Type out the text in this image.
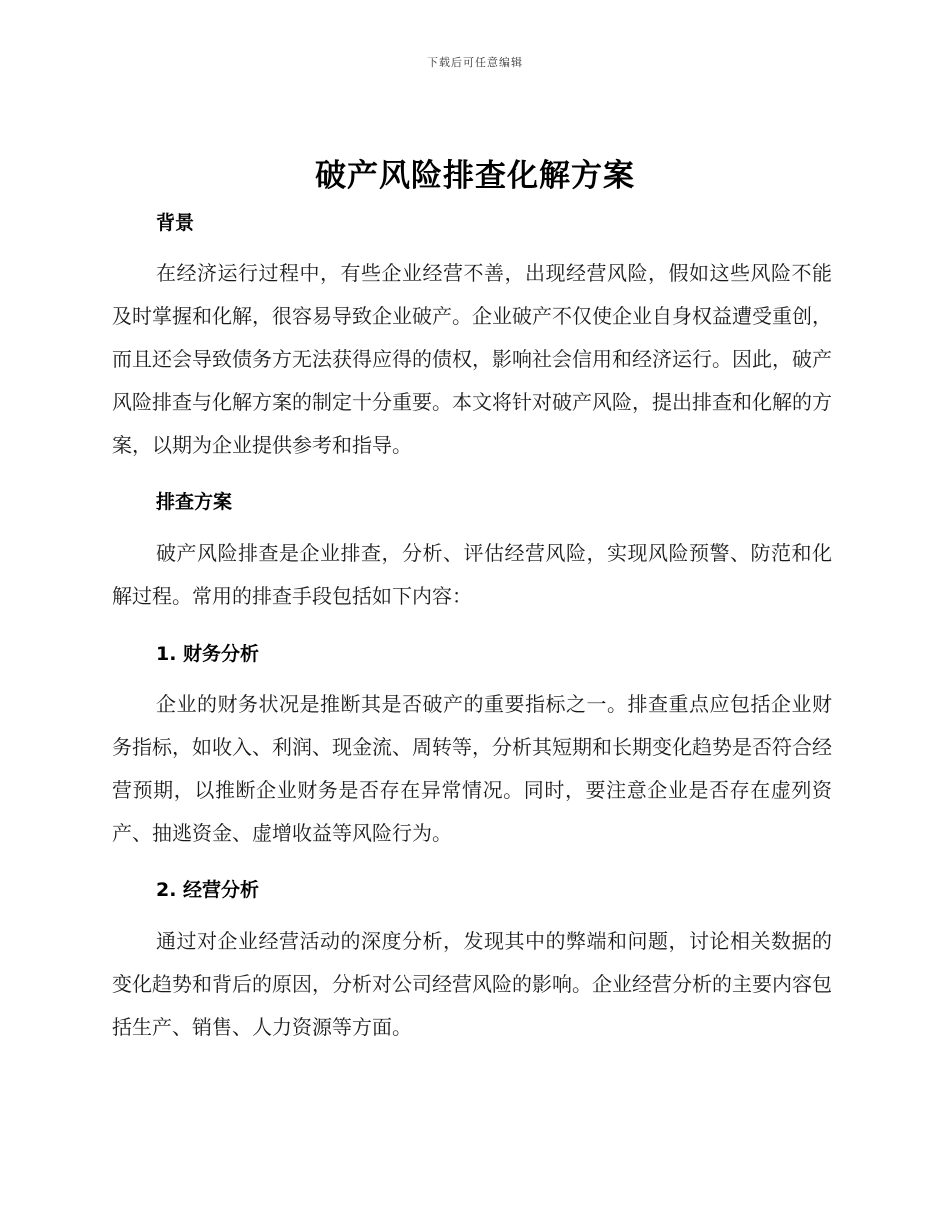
下载后可任意编辑
破产风险排查化解方案
背景

在经济运行过程中，有些企业经营不善，出现经营风险，假如这些风险不能及时掌握和化解，很容易导致企业破产。企业破产不仅使企业自身权益遭受重创，而且还会导致债务方无法获得应得的债权，影响社会信用和经济运行。因此，破产风险排查与化解方案的制定十分重要。本文将针对破产风险，提出排查和化解的方案，以期为企业提供参考和指导。

排查方案

破产风险排查是企业排查，分析、评估经营风险，实现风险预警、防范和化解过程。常用的排查手段包括如下内容：

1. 财务分析

企业的财务状况是推断其是否破产的重要指标之一。排查重点应包括企业财务指标，如收入、利润、现金流、周转等，分析其短期和长期变化趋势是否符合经营预期，以推断企业财务是否存在异常情况。同时，要注意企业是否存在虚列资产、抽逃资金、虚增收益等风险行为。

2. 经营分析

通过对企业经营活动的深度分析，发现其中的弊端和问题，讨论相关数据的变化趋势和背后的原因，分析对公司经营风险的影响。企业经营分析的主要内容包括生产、销售、人力资源等方面。
